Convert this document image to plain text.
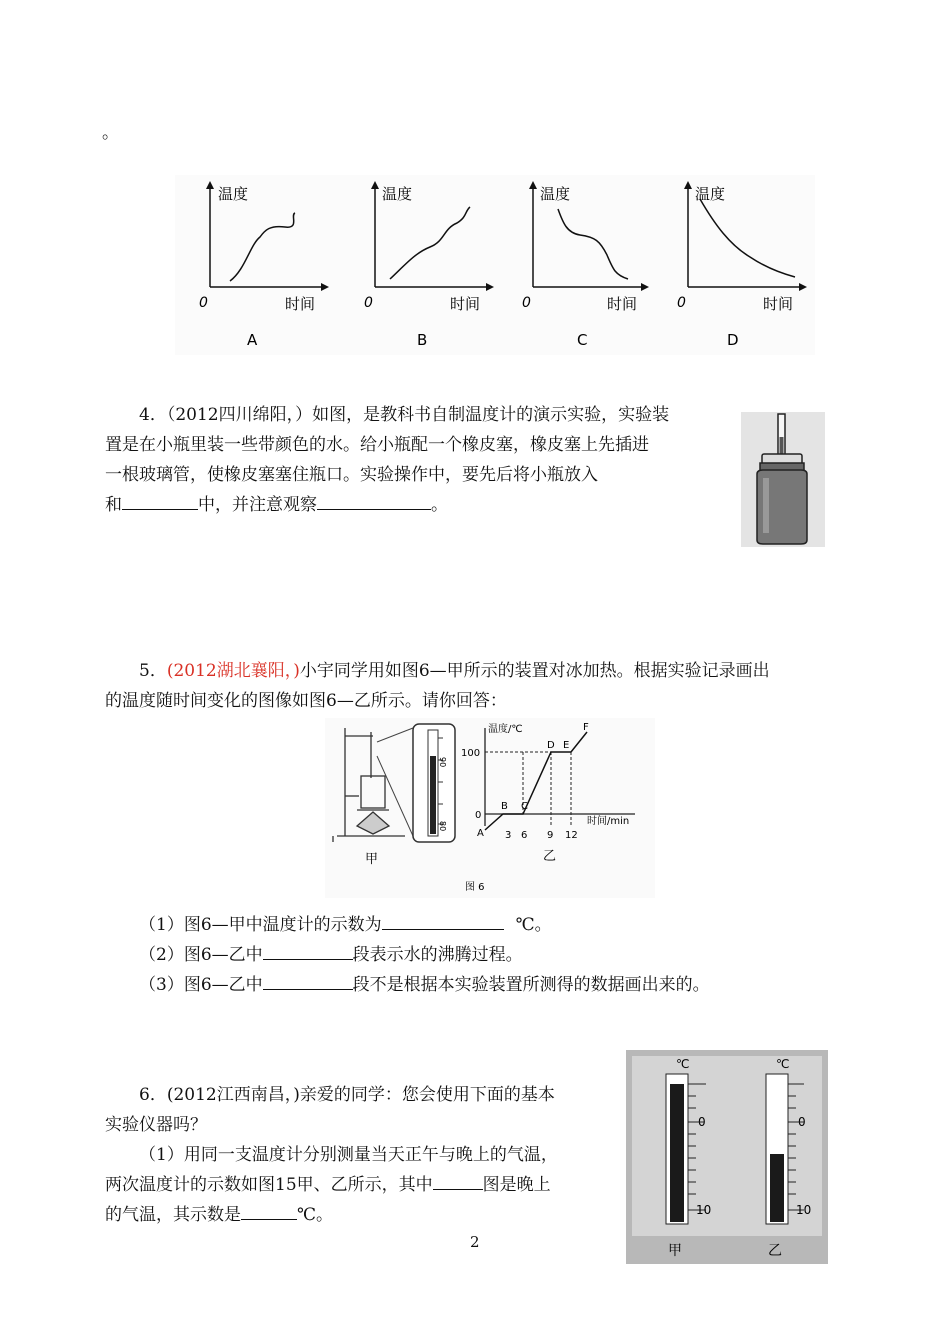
。
温度
时间
0
A
温度
时间
0
B
温度
时间
0
C
温度
时间
0
D
4．（2012四川绵阳，）如图，是教科书自制温度计的演示实验，实验装
置是在小瓶里装一些带颜色的水。给小瓶配一个橡皮塞，橡皮塞上先插进
一根玻璃管，使橡皮塞塞住瓶口。实验操作中，要先后将小瓶放入
和	中，并注意观察	。
5．(2012湖北襄阳，)小宇同学用如图6—甲所示的装置对冰加热。根据实验记录画出
的温度随时间变化的图像如图6—乙所示。请你回答：
90
80
甲
温度/℃
时间/min
100
0
3 6 9 12
A
B C
D E
F
乙
图 6
（1）图6—甲中温度计的示数为	℃。
（2）图6—乙中	段表示水的沸腾过程。
（3）图6—乙中	段不是根据本实验装置所测得的数据画出来的。
6．(2012江西南昌，)亲爱的同学：您会使用下面的基本
实验仪器吗？
（1）用同一支温度计分别测量当天正午与晚上的气温，
两次温度计的示数如图15甲、乙所示，其中	图是晚上
的气温，其示数是	℃。
℃
0
10
甲
℃
0
10
乙
2
